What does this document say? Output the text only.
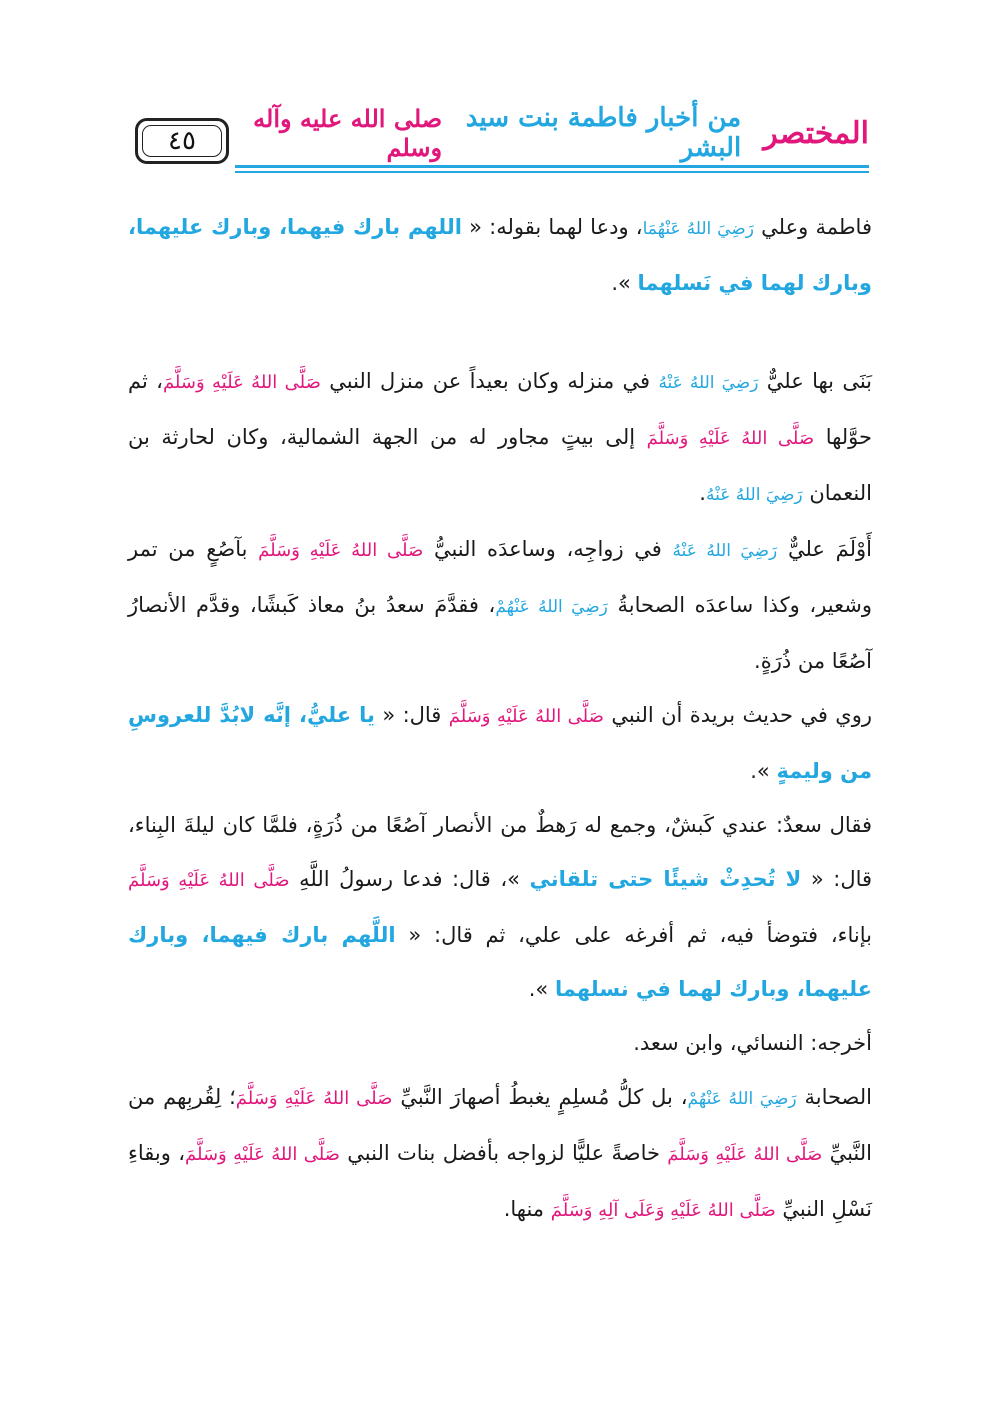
٤٥	المختصر
من أخبار فاطمة بنت سيد البشر
صلى الله عليه وآله وسلم

فاطمة وعلي رَضِيَ اللهُ عَنْهُمَا، ودعا لهما بقوله: « اللهم بارك فيهما، وبارك عليهما، وبارك لهما في نَسلهما ».

بَنَى بها عليٌّ رَضِيَ اللهُ عَنْهُ في منزله وكان بعيداً عن منزل النبي صَلَّى اللهُ عَلَيْهِ وَسَلَّمَ، ثم حوَّلها صَلَّى اللهُ عَلَيْهِ وَسَلَّمَ إلى بيتٍ مجاور له من الجهة الشمالية، وكان لحارثة بن النعمان رَضِيَ اللهُ عَنْهُ.

أَوْلَمَ عليٌّ رَضِيَ اللهُ عَنْهُ في زواجِه، وساعدَه النبيُّ صَلَّى اللهُ عَلَيْهِ وَسَلَّمَ بآصُعٍ من تمر وشعير، وكذا ساعدَه الصحابةُ رَضِيَ اللهُ عَنْهُمْ، فقدَّمَ سعدُ بنُ معاذ كَبشًا، وقدَّم الأنصارُ آصُعًا من ذُرَةٍ.

روي في حديث بريدة أن النبي صَلَّى اللهُ عَلَيْهِ وَسَلَّمَ قال: « يا عليُّ، إنَّه لابُدَّ للعروسِ من وليمةٍ ».

فقال سعدٌ: عندي كَبشٌ، وجمع له رَهطٌ من الأنصار آصُعًا من ذُرَةٍ، فلمَّا كان ليلةَ البِناء، قال: « لا تُحدِثْ شيئًا حتى تلقاني »، قال: فدعا رسولُ اللَّهِ صَلَّى اللهُ عَلَيْهِ وَسَلَّمَ بإناء، فتوضأ فيه، ثم أفرغه على علي، ثم قال: « اللَّهم بارك فيهما، وبارك عليهما، وبارك لهما في نسلهما ».

أخرجه: النسائي، وابن سعد.

الصحابة رَضِيَ اللهُ عَنْهُمْ، بل كلُّ مُسلِمٍ يغبطُ أصهارَ النَّبيِّ صَلَّى اللهُ عَلَيْهِ وَسَلَّمَ؛ لِقُربِهم من النَّبيِّ صَلَّى اللهُ عَلَيْهِ وَسَلَّمَ خاصةً عليًّا لزواجه بأفضل بنات النبي صَلَّى اللهُ عَلَيْهِ وَسَلَّمَ، وبقاءِ نَسْلِ النبيِّ صَلَّى اللهُ عَلَيْهِ وَعَلَى آلِهِ وَسَلَّمَ منها.
